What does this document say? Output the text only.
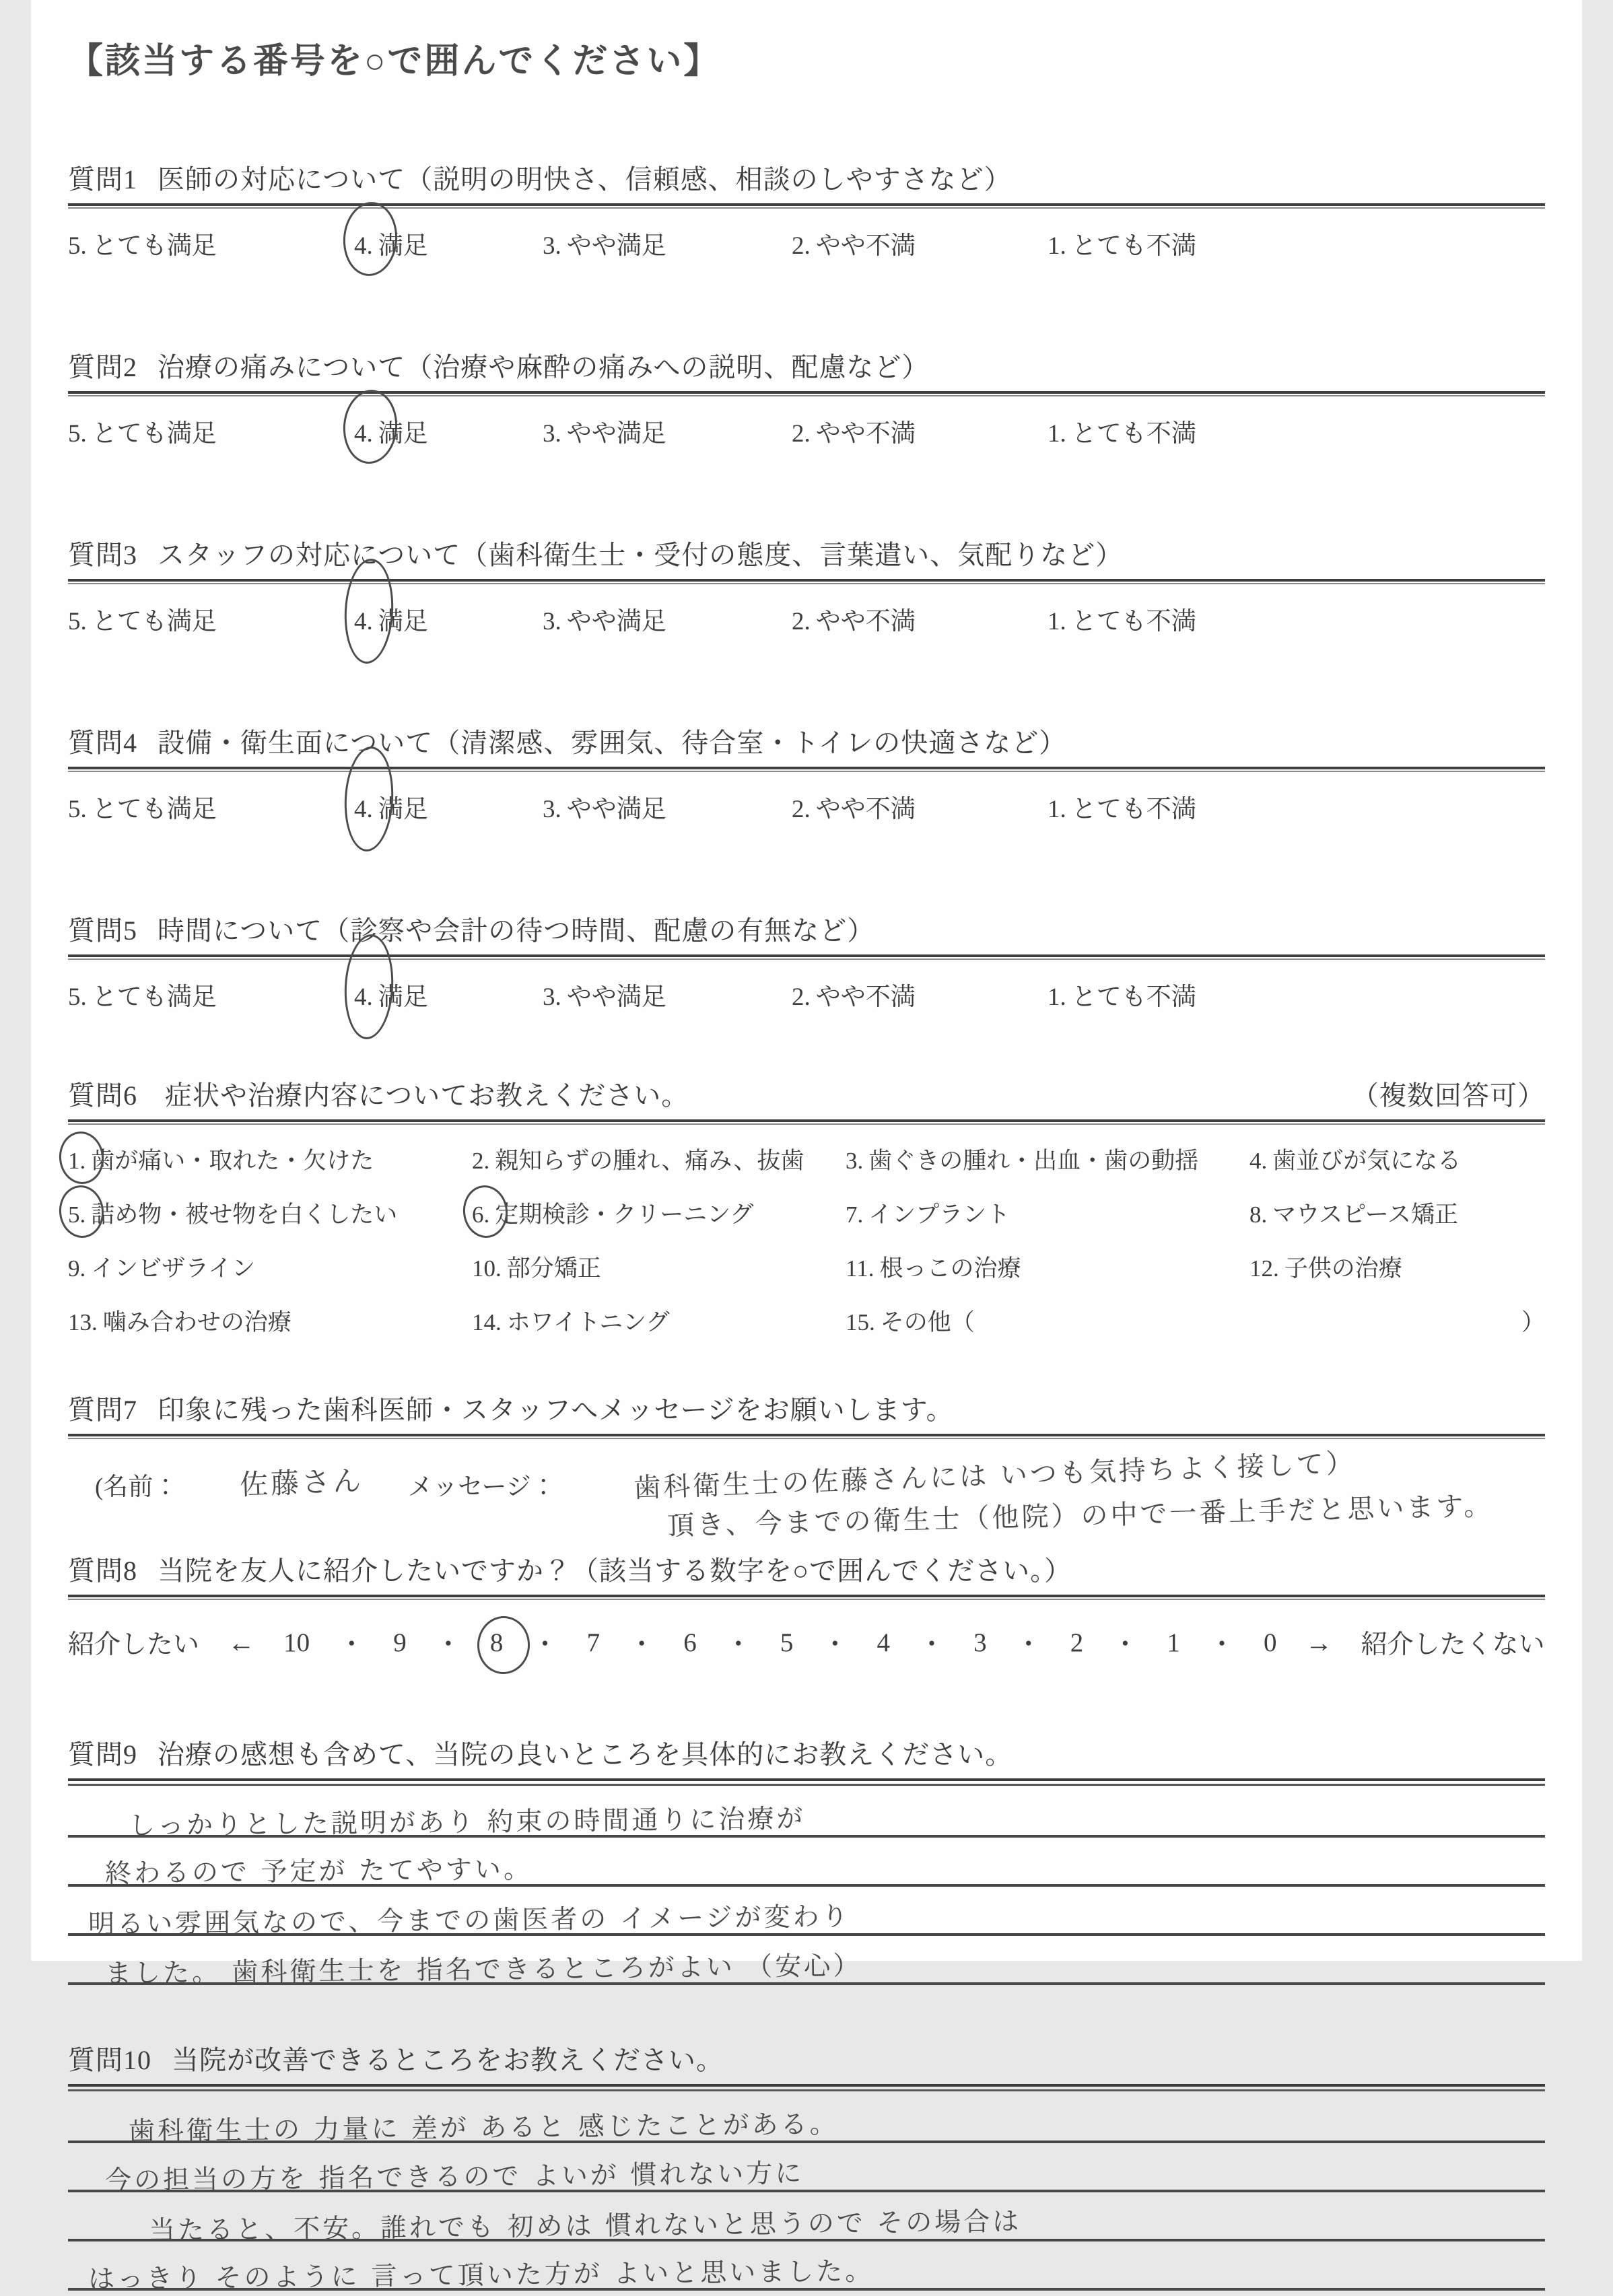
【該当する番号を○で囲んでください】
質問1 医師の対応について（説明の明快さ、信頼感、相談のしやすさなど）
5. とても満足	4. 満足	3. やや満足	2. やや不満	1. とても不満
質問2 治療の痛みについて（治療や麻酔の痛みへの説明、配慮など）
5. とても満足	4. 満足	3. やや満足	2. やや不満	1. とても不満
質問3 スタッフの対応について（歯科衛生士・受付の態度、言葉遣い、気配りなど）
5. とても満足	4. 満足	3. やや満足	2. やや不満	1. とても不満
質問4 設備・衛生面について（清潔感、雰囲気、待合室・トイレの快適さなど）
5. とても満足	4. 満足	3. やや満足	2. やや不満	1. とても不満
質問5 時間について（診察や会計の待つ時間、配慮の有無など）
5. とても満足	4. 満足	3. やや満足	2. やや不満	1. とても不満
質問6 症状や治療内容についてお教えください。	（複数回答可）
1. 歯が痛い・取れた・欠けた	2. 親知らずの腫れ、痛み、抜歯	3. 歯ぐきの腫れ・出血・歯の動揺	4. 歯並びが気になる
5. 詰め物・被せ物を白くしたい	6. 定期検診・クリーニング	7. インプラント	8. マウスピース矯正
9. インビザライン	10. 部分矯正	11. 根っこの治療	12. 子供の治療
13. 噛み合わせの治療	14. ホワイトニング	15. その他（	）
質問7 印象に残った歯科医師・スタッフへメッセージをお願いします。
(名前： 佐藤さん メッセージ：	歯科衛生士の佐藤さんには いつも気持ちよく接して）
頂き、今までの衛生士（他院）の中で一番上手だと思います。
質問8 当院を友人に紹介したいですか？（該当する数字を○で囲んでください。）
紹介したい ← 10 ・ 9 ・ 8 ・ 7 ・ 6 ・ 5 ・ 4 ・ 3 ・ 2 ・ 1 ・ 0 → 紹介したくない
質問9 治療の感想も含めて、当院の良いところを具体的にお教えください。
しっかりとした説明があり 約束の時間通りに治療が
終わるので 予定が たてやすい。
明るい雰囲気なので、今までの歯医者の イメージが変わり
ました。 歯科衛生士を 指名できるところがよい （安心）
質問10 当院が改善できるところをお教えください。
歯科衛生士の 力量に 差が あると 感じたことがある。
今の担当の方を 指名できるので よいが 慣れない方に
当たると、不安。誰れでも 初めは 慣れないと思うので その場合は
はっきり そのように 言って頂いた方が よいと思いました。
